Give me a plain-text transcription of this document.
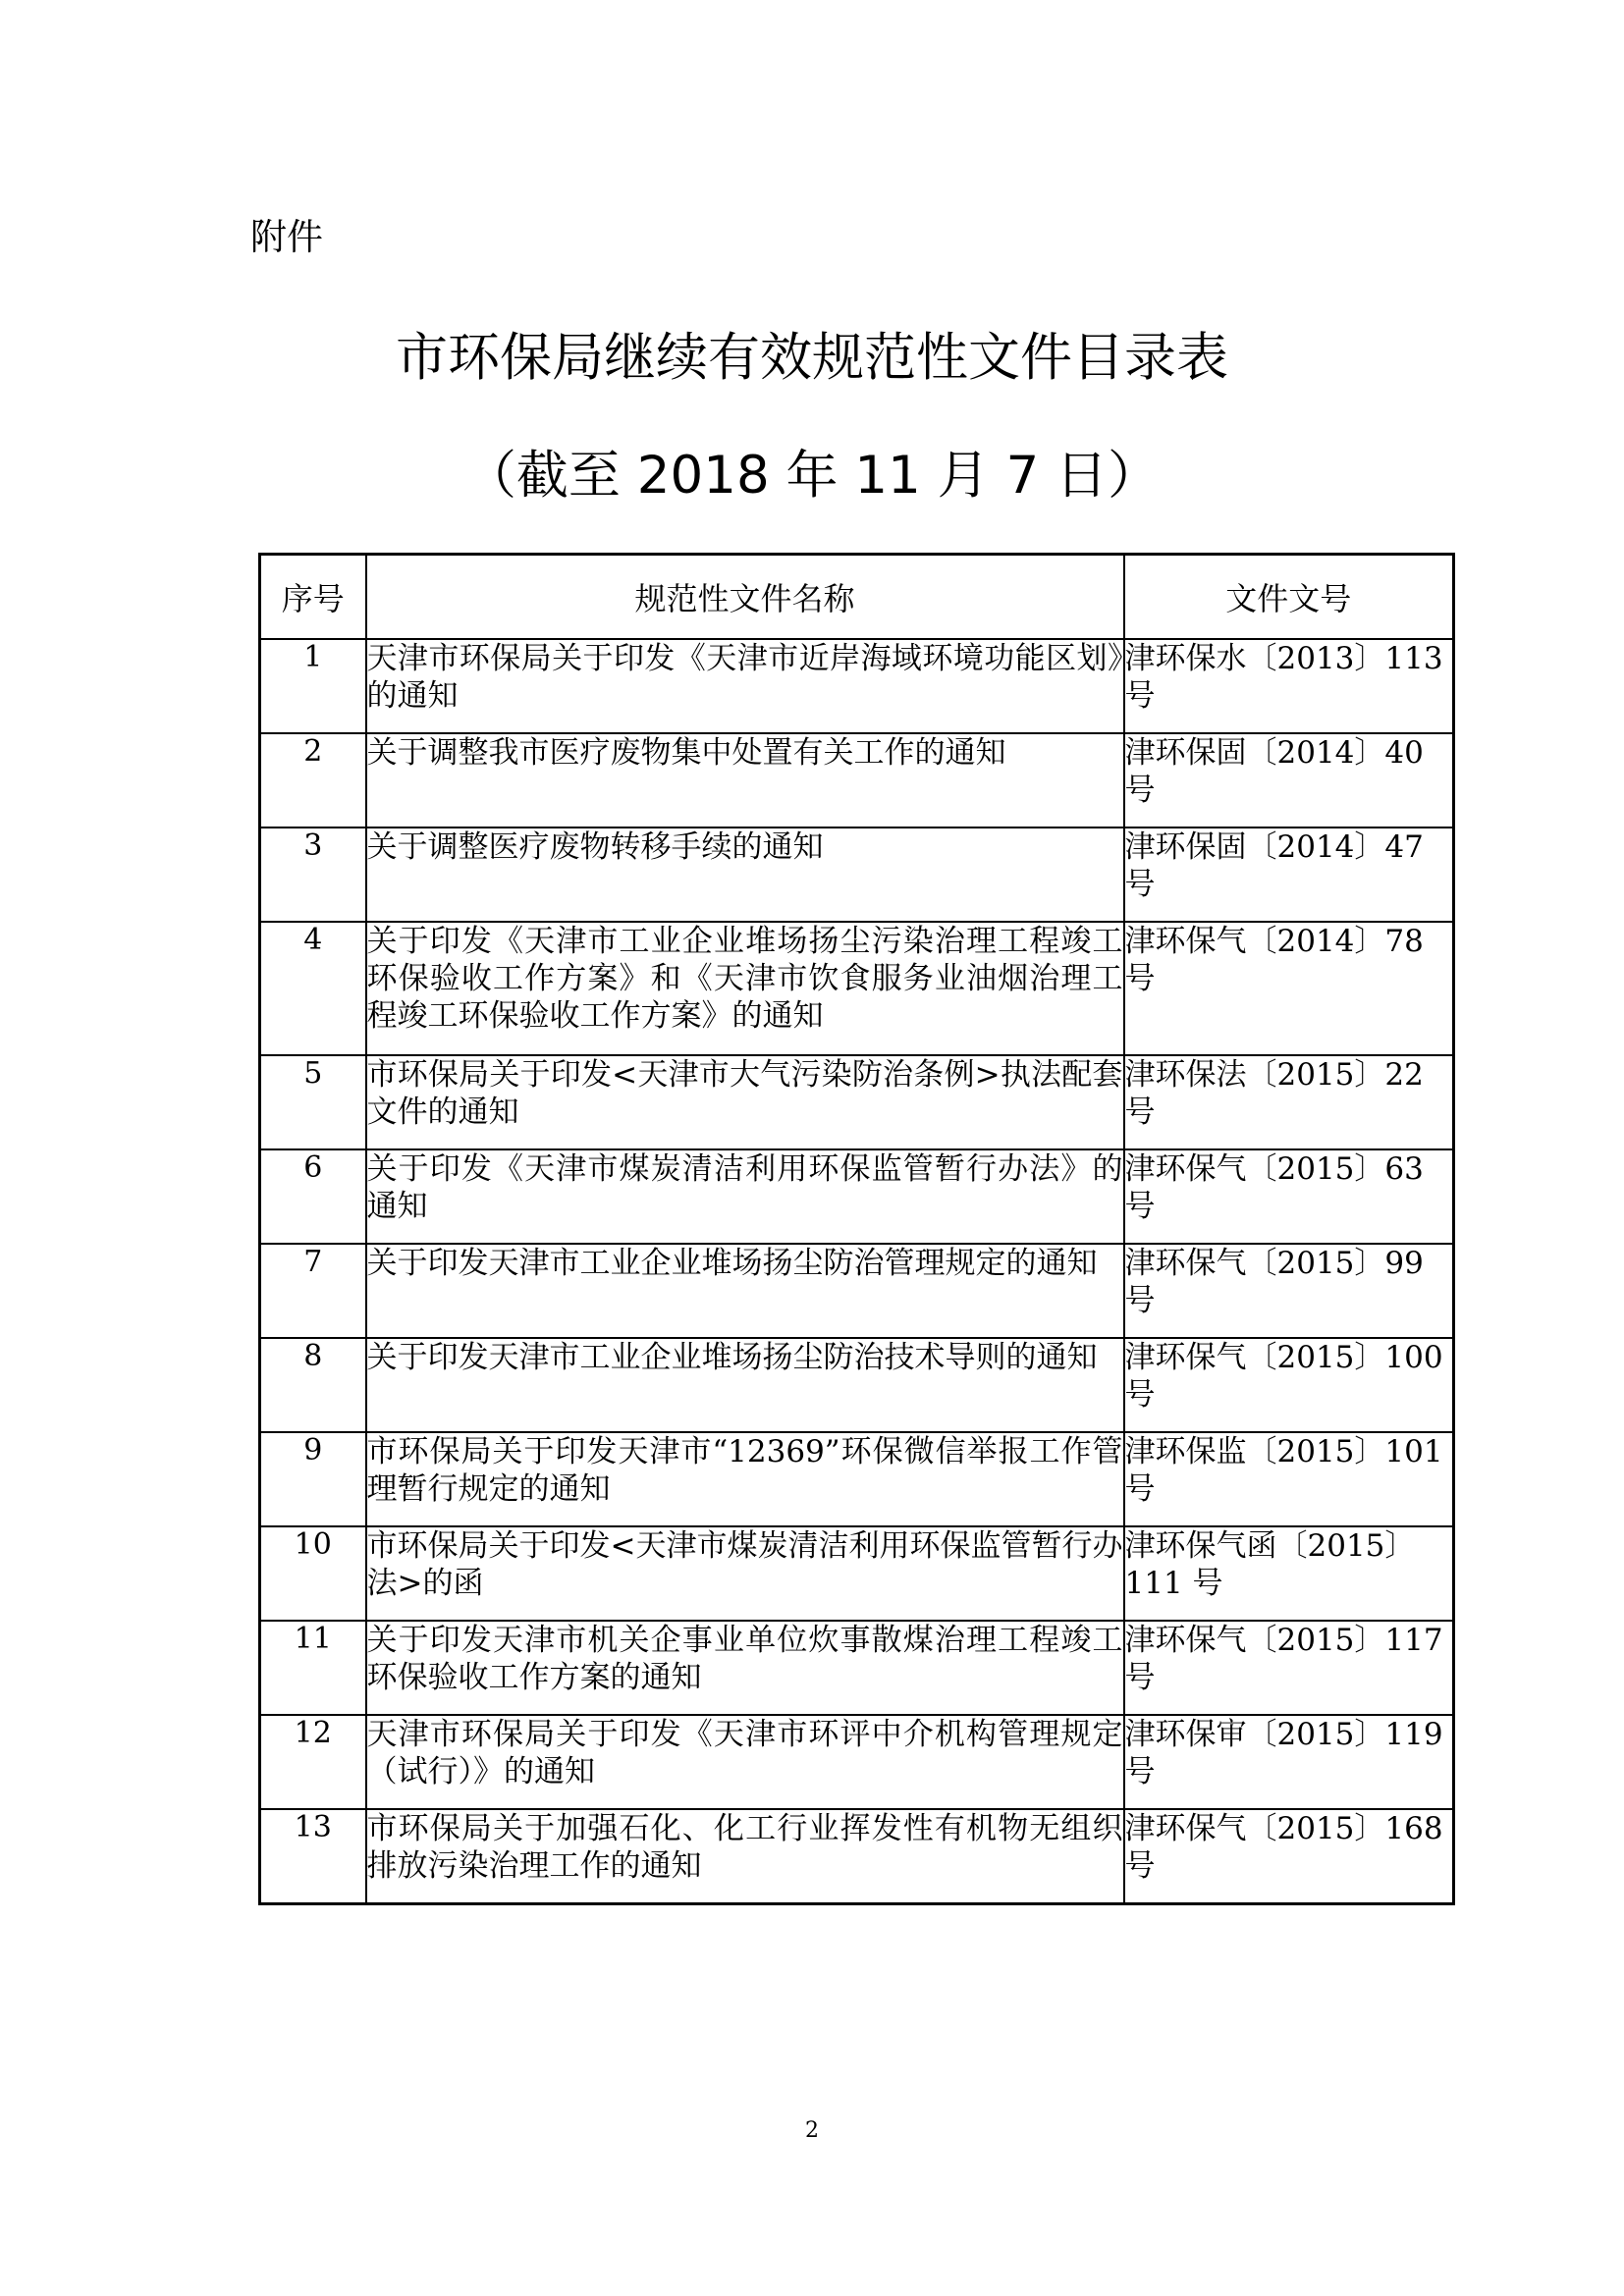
附件

市环保局继续有效规范性文件目录表
（截至 2018 年 11 月 7 日）
序号	规范性文件名称	文件文号
1	天津市环保局关于印发《天津市近岸海域环境功能区划》的通知	津环保水〔2013〕113 号
2	关于调整我市医疗废物集中处置有关工作的通知	津环保固〔2014〕40 号
3	关于调整医疗废物转移手续的通知	津环保固〔2014〕47 号
4	关于印发《天津市工业企业堆场扬尘污染治理工程竣工环保验收工作方案》和《天津市饮食服务业油烟治理工程竣工环保验收工作方案》的通知	津环保气〔2014〕78 号
5	市环保局关于印发<天津市大气污染防治条例>执法配套文件的通知	津环保法〔2015〕22 号
6	关于印发《天津市煤炭清洁利用环保监管暂行办法》的通知	津环保气〔2015〕63 号
7	关于印发天津市工业企业堆场扬尘防治管理规定的通知	津环保气〔2015〕99 号
8	关于印发天津市工业企业堆场扬尘防治技术导则的通知	津环保气〔2015〕100 号
9	市环保局关于印发天津市“12369”环保微信举报工作管理暂行规定的通知	津环保监〔2015〕101 号
10	市环保局关于印发<天津市煤炭清洁利用环保监管暂行办法>的函	津环保气函〔2015〕111 号
11	关于印发天津市机关企事业单位炊事散煤治理工程竣工环保验收工作方案的通知	津环保气〔2015〕117 号
12	天津市环保局关于印发《天津市环评中介机构管理规定（试行）》的通知	津环保审〔2015〕119 号
13	市环保局关于加强石化、化工行业挥发性有机物无组织排放污染治理工作的通知	津环保气〔2015〕168 号

2
